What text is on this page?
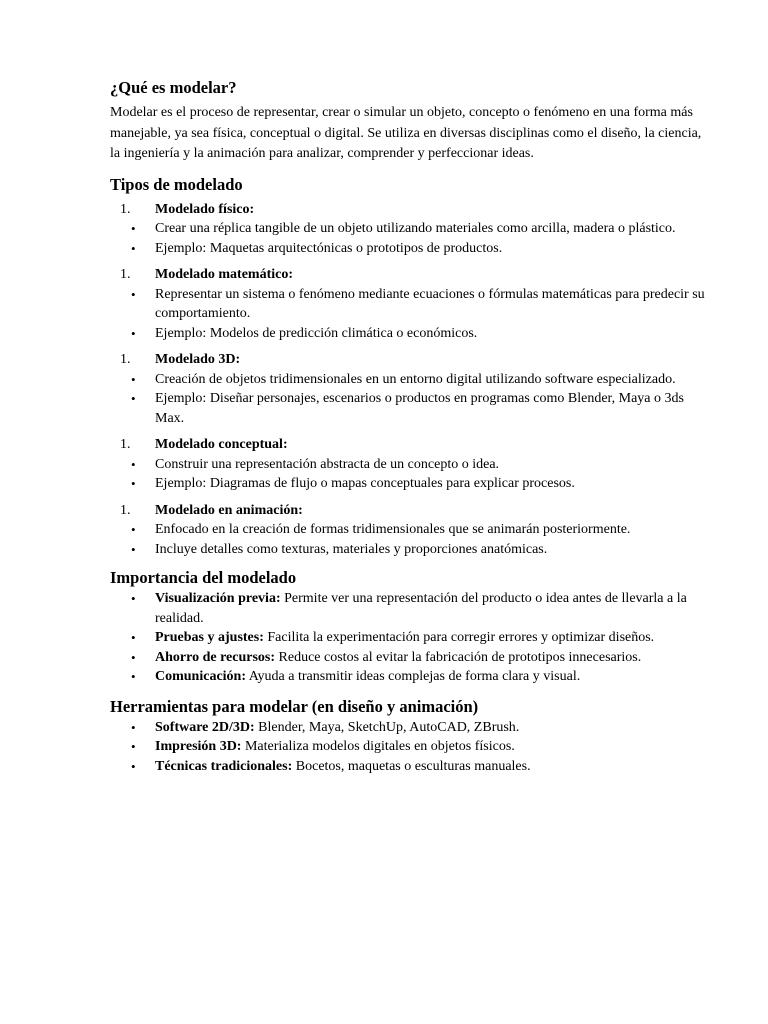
¿Qué es modelar?

Modelar es el proceso de representar, crear o simular un objeto, concepto o fenómeno en una forma más manejable, ya sea física, conceptual o digital. Se utiliza en diversas disciplinas como el diseño, la ciencia, la ingeniería y la animación para analizar, comprender y perfeccionar ideas.

Tipos de modelado
1. Modelado físico:
• Crear una réplica tangible de un objeto utilizando materiales como arcilla, madera o plástico.
• Ejemplo: Maquetas arquitectónicas o prototipos de productos.
1. Modelado matemático:
• Representar un sistema o fenómeno mediante ecuaciones o fórmulas matemáticas para predecir su comportamiento.
• Ejemplo: Modelos de predicción climática o económicos.
1. Modelado 3D:
• Creación de objetos tridimensionales en un entorno digital utilizando software especializado.
• Ejemplo: Diseñar personajes, escenarios o productos en programas como Blender, Maya o 3ds Max.
1. Modelado conceptual:
• Construir una representación abstracta de un concepto o idea.
• Ejemplo: Diagramas de flujo o mapas conceptuales para explicar procesos.
1. Modelado en animación:
• Enfocado en la creación de formas tridimensionales que se animarán posteriormente.
• Incluye detalles como texturas, materiales y proporciones anatómicas.
Importancia del modelado
• Visualización previa: Permite ver una representación del producto o idea antes de llevarla a la realidad.
• Pruebas y ajustes: Facilita la experimentación para corregir errores y optimizar diseños.
• Ahorro de recursos: Reduce costos al evitar la fabricación de prototipos innecesarios.
• Comunicación: Ayuda a transmitir ideas complejas de forma clara y visual.
Herramientas para modelar (en diseño y animación)
• Software 2D/3D: Blender, Maya, SketchUp, AutoCAD, ZBrush.
• Impresión 3D: Materializa modelos digitales en objetos físicos.
• Técnicas tradicionales: Bocetos, maquetas o esculturas manuales.
